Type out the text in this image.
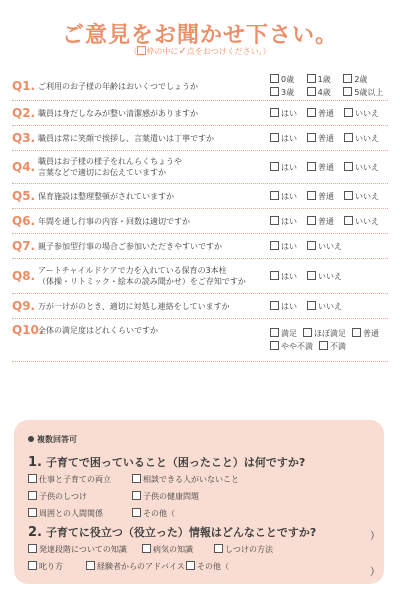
ご意見をお聞かせ下さい。
（ 枠の中に✓点をおつけください。）
Q1. ご利用のお子様の年齢はおいくつでしょうか
0歳	1歳	2歳
3歳	4歳	5歳以上
Q2. 職員は身だしなみが整い清潔感がありますか	はい	普通	いいえ
Q3. 職員は常に笑顔で挨拶し、言葉遣いは丁寧ですか	はい	普通	いいえ
Q4. 職員はお子様の様子をれんらくちょうや
言葉などで適切にお伝えていますか
はい	普通	いいえ
Q5. 保育施設は整理整頓がされていますか	はい	普通	いいえ
Q6. 年間を通し行事の内容・回数は適切ですか	はい	普通	いいえ
Q7. 親子参加型行事の場合ご参加いただきやすいですか	はい	いいえ
Q8. アートチャイルドケアで力を入れている保育の3本柱
（体操・リトミック・絵本の読み聞かせ）をご存知ですか
はい	いいえ
Q9. 万が一けがのとき、適切に対処し連絡をしていますか	はい	いいえ
Q10.
全体の満足度はどれくらいですか	満足	ほぼ満足	普通
やや不満	不満
複数回答可
1. 子育てで困っていること（困ったこと）は何ですか?
仕事と子育ての両立	相談できる人がいないこと
子供のしつけ	子供の健康問題
周囲との人間関係	その他（
）
2. 子育てに役立つ（役立った）情報はどんなことですか?
発達段階についての知識	病気の知識	しつけの方法
叱り方	経験者からのアドバイス	その他（
）
